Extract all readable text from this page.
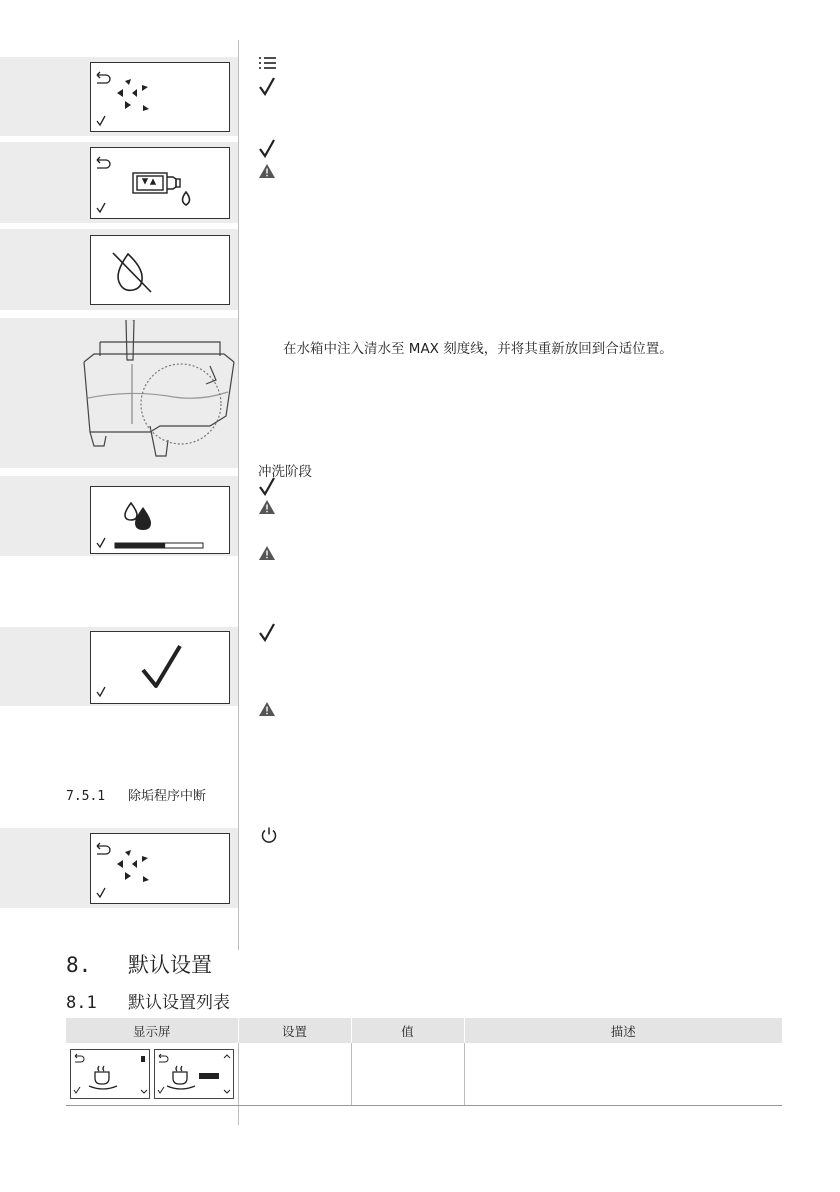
在水箱中注入清水至 MAX 刻度线，并将其重新放回到合适位置。
冲洗阶段
7.5.1 除垢程序中断
8. 默认设置
8.1 默认设置列表
显示屏	设置	值	描述
